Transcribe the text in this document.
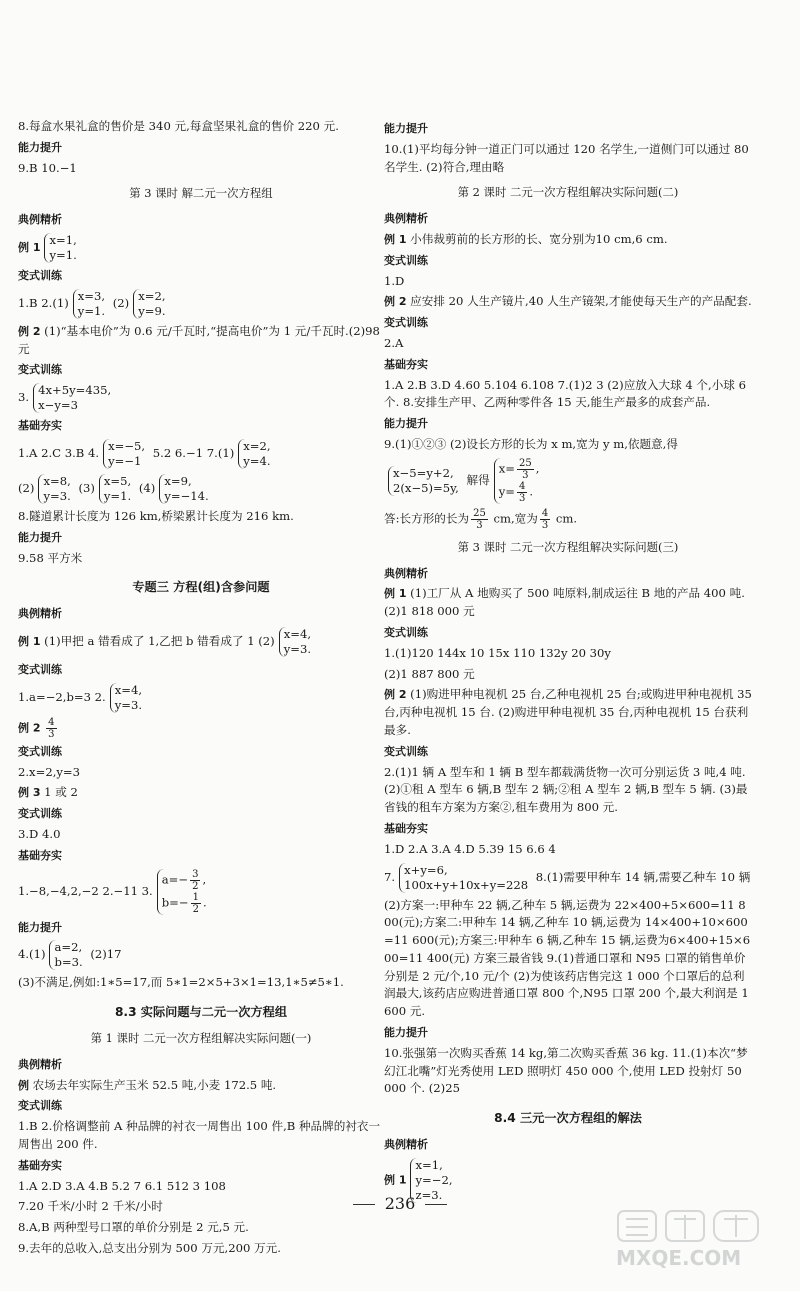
8.每盒水果礼盒的售价是 340 元,每盒坚果礼盒的售价 220 元.
能力提升
9.B 10.−1
第 3 课时 解二元一次方程组
典例精析
例 1
x=1,
y=1.
变式训练
1.B 2.(1) x=3,
y=1.
(2) x=2,
y=9.
例 2 (1)“基本电价”为 0.6 元/千瓦时,“提高电价”为 1 元/千瓦时.(2)98 元
变式训练
3. 4x+5y=435,
x−y=3
基础夯实
1.A 2.C 3.B 4. x=−5,
y=−1
5.2 6.−1 7.(1) x=2,
y=4.
(2) x=8,
y=3.
(3) x=5,
y=1.
(4) x=9,
y=−14.
8.隧道累计长度为 126 km,桥梁累计长度为 216 km.
能力提升
9.58 平方米
专题三 方程(组)含参问题
典例精析
例 1 (1)甲把 a 错看成了 1,乙把 b 错看成了 1 (2) x=4,
y=3.
变式训练
1.a=−2,b=3 2. x=4,
y=3.
例 $2 \frac{4}{3}$
变式训练
2.x=2,y=3
例 3 1 或 2
变式训练
3.D 4.0
基础夯实
1.−8,−4,2,−2 2.−11 3.
$a=- \frac{3}{2}$ ,
$b=- \frac{1}{2}$ .
能力提升
4.(1) a=2,
b=3.
(2)17
(3)不满足,例如:1∗5=17,而 5∗1=2×5+3×1=13,1∗5≠5∗1.
8.3 实际问题与二元一次方程组
第 1 课时 二元一次方程组解决实际问题(一)
典例精析
例 农场去年实际生产玉米 52.5 吨,小麦 172.5 吨.
变式训练
1.B 2.价格调整前 A 种品牌的衬衣一周售出 100 件,B 种品牌的衬衣一周售出 200 件.
基础夯实
1.A 2.D 3.A 4.B 5.2 7 6.1 512 3 108
7.20 千米/小时 2 千米/小时
8.A,B 两种型号口罩的单价分别是 2 元,5 元.
9.去年的总收入,总支出分别为 500 万元,200 万元.
能力提升
10.(1)平均每分钟一道正门可以通过 120 名学生,一道侧门可以通过 80 名学生. (2)符合,理由略
第 2 课时 二元一次方程组解决实际问题(二)
典例精析
例 1 小伟裁剪前的长方形的长、宽分别为10 cm,6 cm.
变式训练
1.D
例 2 应安排 20 人生产镜片,40 人生产镜架,才能使每天生产的产品配套.
变式训练
2.A
基础夯实
1.A 2.B 3.D 4.60 5.104 6.108 7.(1)2 3 (2)应放入大球 4 个,小球 6 个. 8.安排生产甲、乙两种零件各 15 天,能生产最多的成套产品.
能力提升
9.(1)①②③ (2)设长方形的长为 x m,宽为 y m,依题意,得
x−5=y+2,
2(x−5)=5y,
解得
$x= \frac{25}{3}$ ,
$y= \frac{4}{3}$ .
答:长方形的长为 $\frac{25}{3}$ cm,宽为 $\frac{4}{3}$ cm.
第 3 课时 二元一次方程组解决实际问题(三)
典例精析
例 1 (1)工厂从 A 地购买了 500 吨原料,制成运往 B 地的产品 400 吨. (2)1 818 000 元
变式训练
1.(1)120 144x 10 15x 110 132y 20 30y
(2)1 887 800 元
例 2 (1)购进甲种电视机 25 台,乙种电视机 25 台;或购进甲种电视机 35 台,丙种电视机 15 台. (2)购进甲种电视机 35 台,丙种电视机 15 台获利最多.
变式训练
2.(1)1 辆 A 型车和 1 辆 B 型车都载满货物一次可分别运货 3 吨,4 吨. (2)①租 A 型车 6 辆,B 型车 2 辆;②租 A 型车 2 辆,B 型车 5 辆. (3)最省钱的租车方案为方案②,租车费用为 800 元.
基础夯实
1.D 2.A 3.A 4.D 5.39 15 6.6 4
7. x+y=6,
100x+y+10x+y=228
8.(1)需要甲种车 14 辆,需要乙种车 10 辆
(2)方案一:甲种车 22 辆,乙种车 5 辆,运费为 22×400+5×600=11 800(元);方案二:甲种车 14 辆,乙种车 10 辆,运费为 14×400+10×600=11 600(元);方案三:甲种车 6 辆,乙种车 15 辆,运费为6×400+15×600=11 400(元) 方案三最省钱 9.(1)普通口罩和 N95 口罩的销售单价分别是 2 元/个,10 元/个 (2)为使该药店售完这 1 000 个口罩后的总利润最大,该药店应购进普通口罩 800 个,N95 口罩 200 个,最大利润是 1 600 元.
能力提升
10.张强第一次购买香蕉 14 kg,第二次购买香蕉 36 kg. 11.(1)本次“梦幻江北嘴”灯光秀使用 LED 照明灯 450 000 个,使用 LED 投射灯 50 000 个. (2)25
8.4 三元一次方程组的解法
典例精析
例 1
x=1,
y=−2,
z=3.
236
MXQE.COM
